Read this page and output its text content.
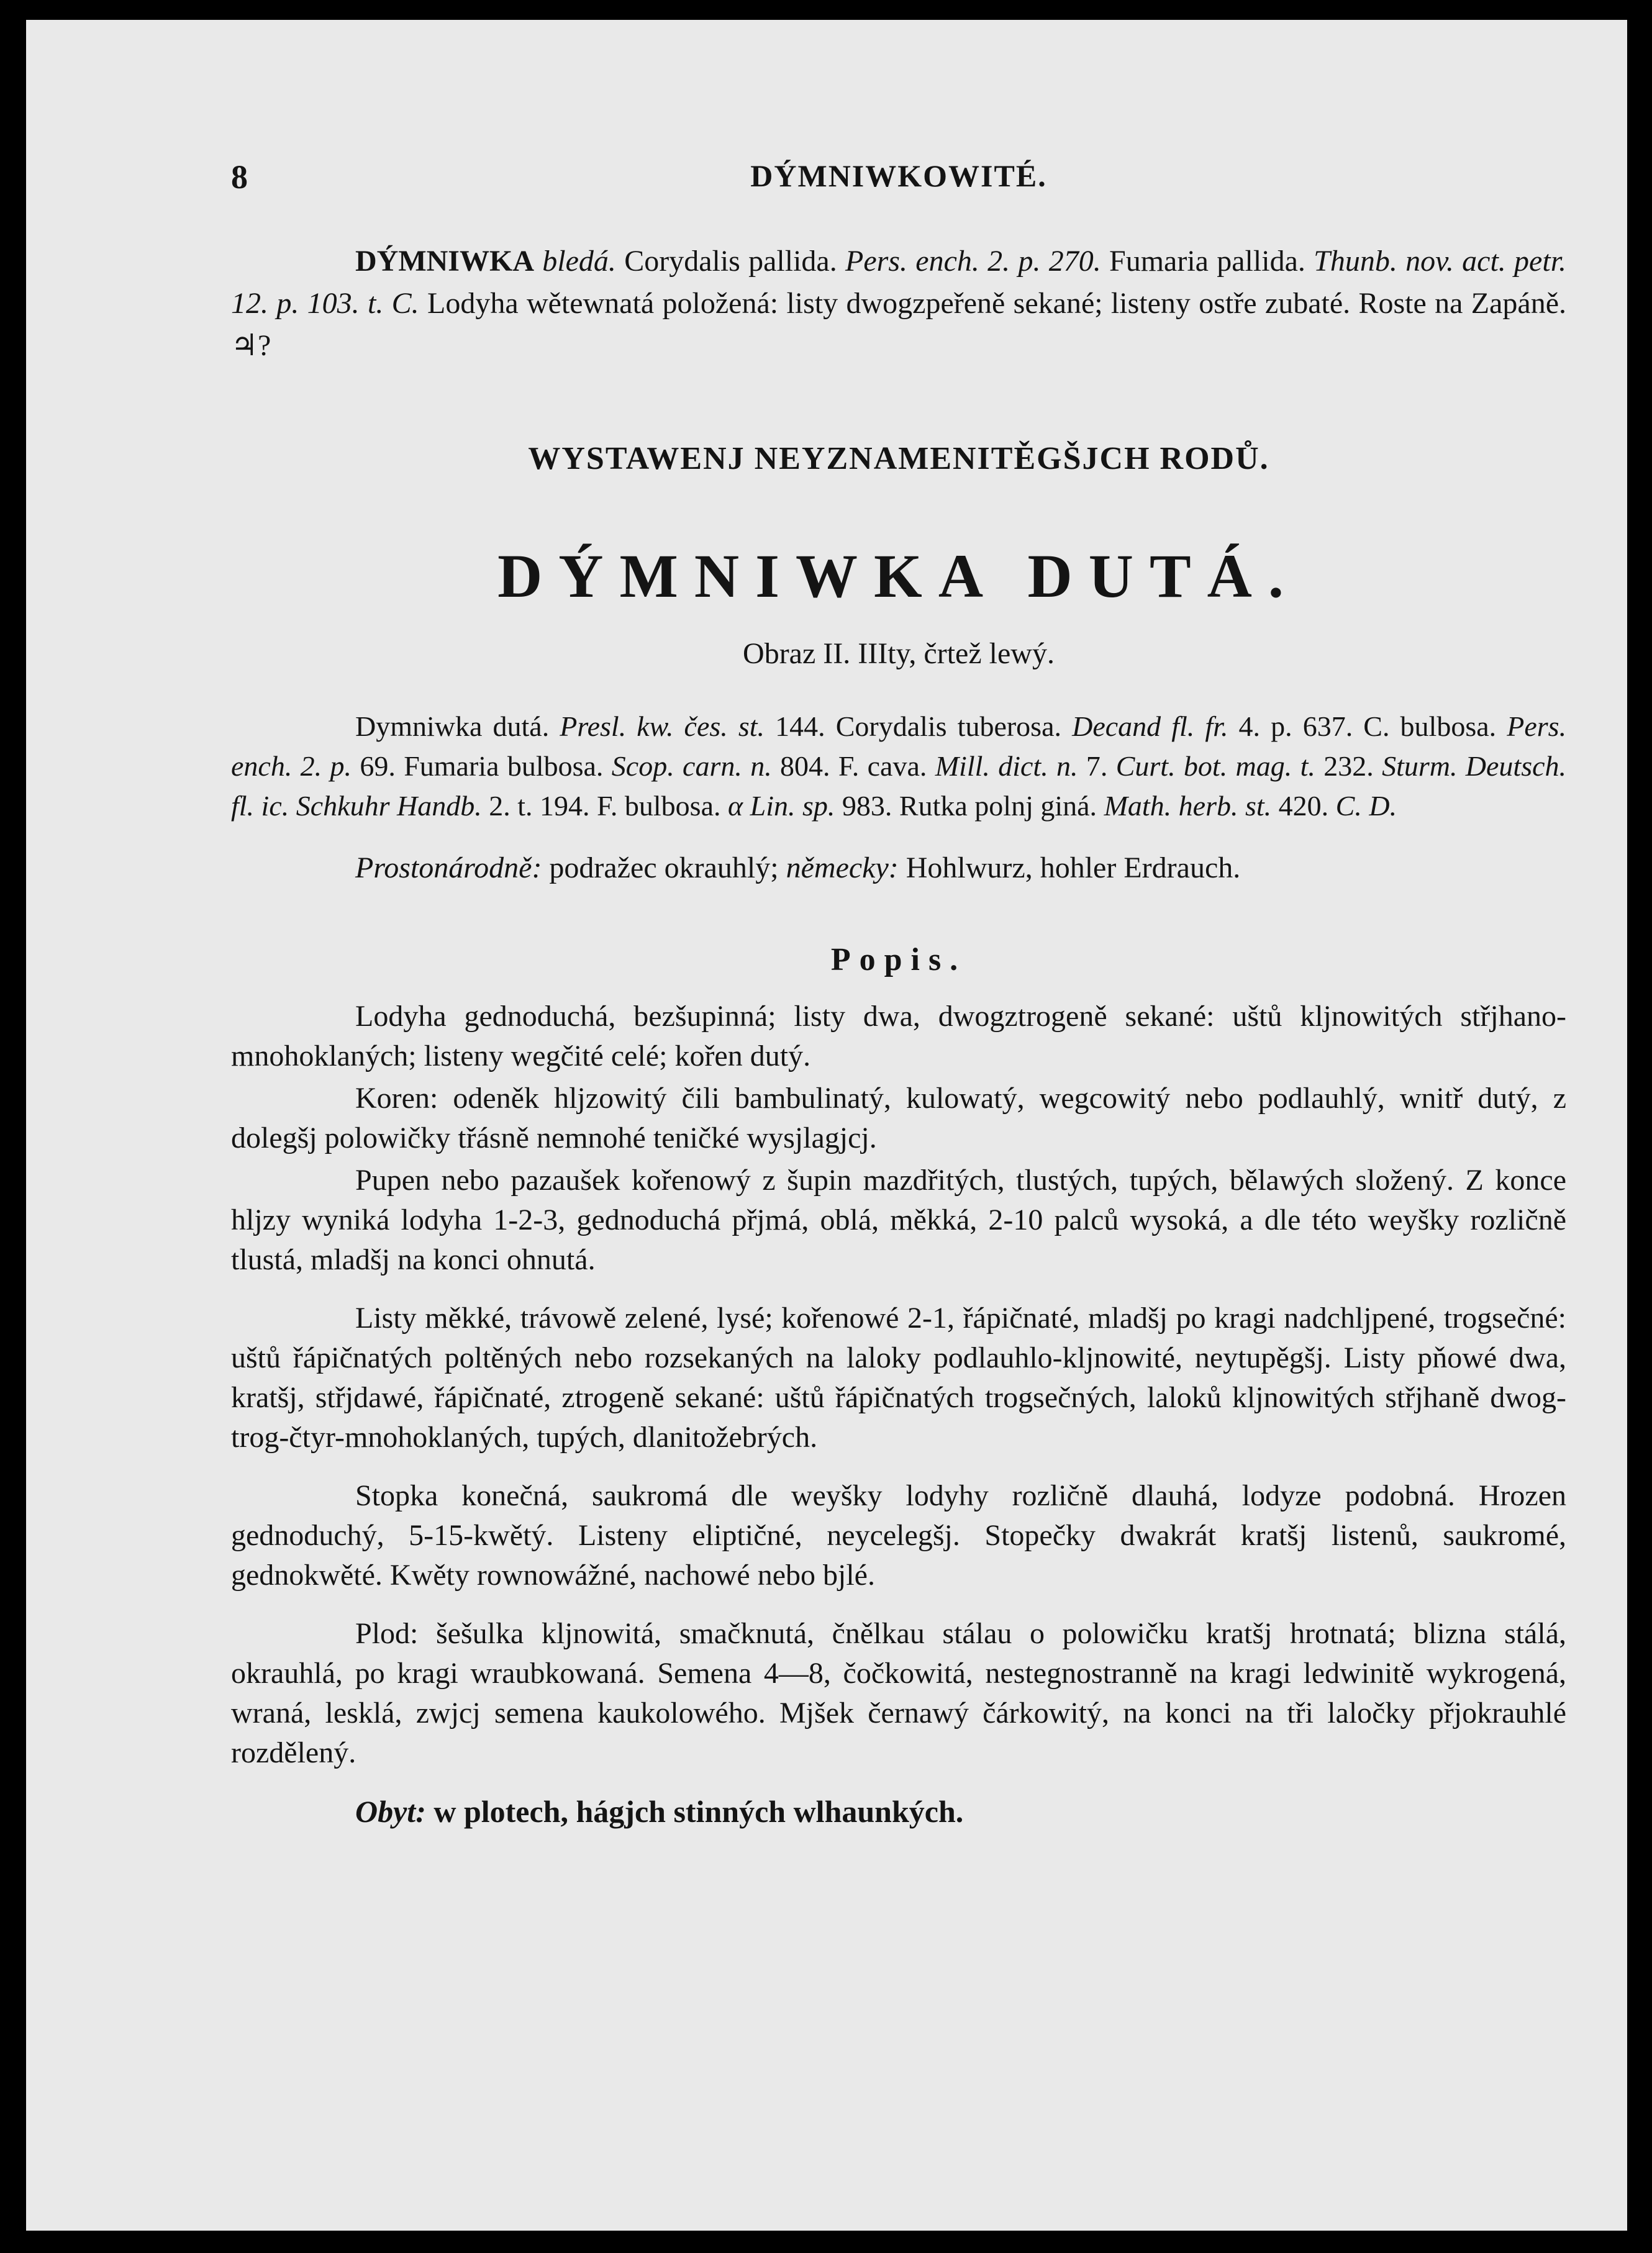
8	DÝMNIWKOWITÉ.

DÝMNIWKA bledá. Corydalis pallida. Pers. ench. 2. p. 270. Fumaria pallida. Thunb. nov. act. petr. 12. p. 103. t. C. Lodyha wětewnatá položená: listy dwogzpeřeně sekané; listeny ostře zubaté. Roste na Zapáně. ♃?

WYSTAWENJ NEYZNAMENITĚGŠJCH RODŮ.
DÝMNIWKA DUTÁ.
Obraz II. IIIty, črtež lewý.

Dymniwka dutá. Presl. kw. čes. st. 144. Corydalis tuberosa. Decand fl. fr. 4. p. 637. C. bulbosa. Pers. ench. 2. p. 69. Fumaria bulbosa. Scop. carn. n. 804. F. cava. Mill. dict. n. 7. Curt. bot. mag. t. 232. Sturm. Deutsch. fl. ic. Schkuhr Handb. 2. t. 194. F. bulbosa. α Lin. sp. 983. Rutka polnj giná. Math. herb. st. 420. C. D.

Prostonárodně: podražec okrauhlý; německy: Hohlwurz, hohler Erdrauch.

Popis.

Lodyha gednoduchá, bezšupinná; listy dwa, dwogztrogeně sekané: uštů kljnowitých střjhano-mnohoklaných; listeny wegčité celé; kořen dutý.

Koren: odeněk hljzowitý čili bambulinatý, kulowatý, wegcowitý nebo podlauhlý, wnitř dutý, z dolegšj polowičky třásně nemnohé teničké wysjlagjcj.

Pupen nebo pazaušek kořenowý z šupin mazdřitých, tlustých, tupých, bělawých složený. Z konce hljzy wyniká lodyha 1-2-3, gednoduchá přjmá, oblá, měkká, 2-10 palců wysoká, a dle této weyšky rozličně tlustá, mladšj na konci ohnutá.

Listy měkké, trávowě zelené, lysé; kořenowé 2-1, řápičnaté, mladšj po kragi nadchljpené, trogsečné: uštů řápičnatých poltěných nebo rozsekaných na laloky podlauhlo-kljnowité, neytupěgšj. Listy pňowé dwa, kratšj, střjdawé, řápičnaté, ztrogeně sekané: uštů řápičnatých trogsečných, laloků kljnowitých střjhaně dwog-trog-čtyr-mnohoklaných, tupých, dlanitožebrých.

Stopka konečná, saukromá dle weyšky lodyhy rozličně dlauhá, lodyze podobná. Hrozen gednoduchý, 5-15-kwětý. Listeny eliptičné, neycelegšj. Stopečky dwakrát kratšj listenů, saukromé, gednokwěté. Kwěty rownowážné, nachowé nebo bjlé.

Plod: šešulka kljnowitá, smačknutá, čnělkau stálau o polowičku kratšj hrotnatá; blizna stálá, okrauhlá, po kragi wraubkowaná. Semena 4—8, čočkowitá, nestegnostranně na kragi ledwinitě wykrogená, wraná, lesklá, zwjcj semena kaukolowého. Mjšek černawý čárkowitý, na konci na tři laločky přjokrauhlé rozdělený.

Obyt: w plotech, hágjch stinných wlhaunkých.
